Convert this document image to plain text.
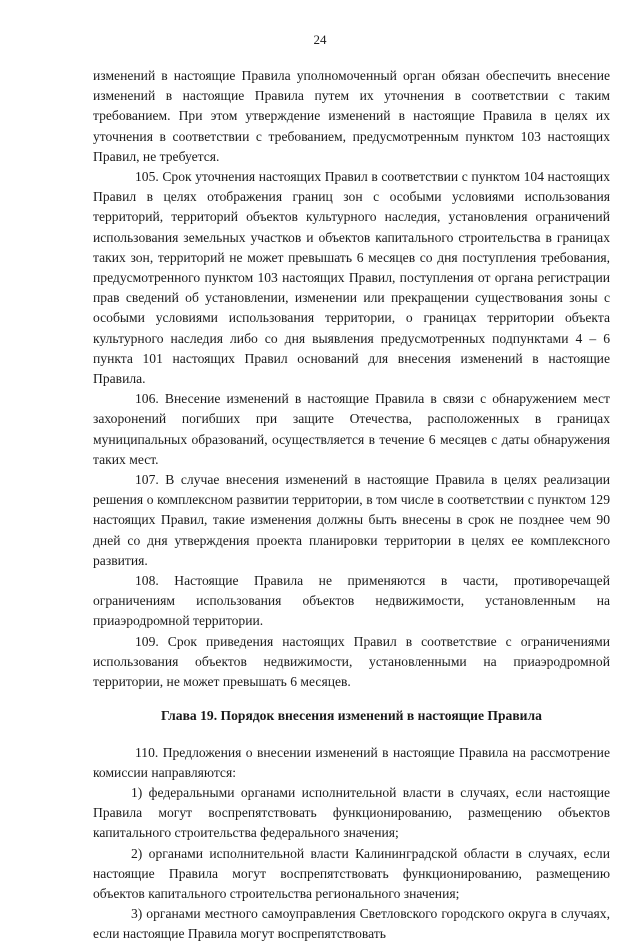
24

изменений в настоящие Правила уполномоченный орган обязан обеспечить внесение изменений в настоящие Правила путем их уточнения в соответствии с таким требованием. При этом утверждение изменений в настоящие Правила в целях их уточнения в соответствии с требованием, предусмотренным пунктом 103 настоящих Правил, не требуется.

105. Срок уточнения настоящих Правил в соответствии с пунктом 104 настоящих Правил в целях отображения границ зон с особыми условиями использования территорий, территорий объектов культурного наследия, установления ограничений использования земельных участков и объектов капитального строительства в границах таких зон, территорий не может превышать 6 месяцев со дня поступления требования, предусмотренного пунктом 103 настоящих Правил, поступления от органа регистрации прав сведений об установлении, изменении или прекращении существования зоны с особыми условиями использования территории, о границах территории объекта культурного наследия либо со дня выявления предусмотренных подпунктами 4 – 6 пункта 101 настоящих Правил оснований для внесения изменений в настоящие Правила.

106. Внесение изменений в настоящие Правила в связи с обнаружением мест захоронений погибших при защите Отечества, расположенных в границах муниципальных образований, осуществляется в течение 6 месяцев с даты обнаружения таких мест.

107. В случае внесения изменений в настоящие Правила в целях реализации решения о комплексном развитии территории, в том числе в соответствии с пунктом 129 настоящих Правил, такие изменения должны быть внесены в срок не позднее чем 90 дней со дня утверждения проекта планировки территории в целях ее комплексного развития.

108. Настоящие Правила не применяются в части, противоречащей ограничениям использования объектов недвижимости, установленным на приаэродромной территории.

109. Срок приведения настоящих Правил в соответствие с ограничениями использования объектов недвижимости, установленными на приаэродромной территории, не может превышать 6 месяцев.

Глава 19. Порядок внесения изменений в настоящие Правила

110. Предложения о внесении изменений в настоящие Правила на рассмотрение комиссии направляются:

1) федеральными органами исполнительной власти в случаях, если настоящие Правила могут воспрепятствовать функционированию, размещению объектов капитального строительства федерального значения;

2) органами исполнительной власти Калининградской области в случаях, если настоящие Правила могут воспрепятствовать функционированию, размещению объектов капитального строительства регионального значения;

3) органами местного самоуправления Светловского городского округа в случаях, если настоящие Правила могут воспрепятствовать
